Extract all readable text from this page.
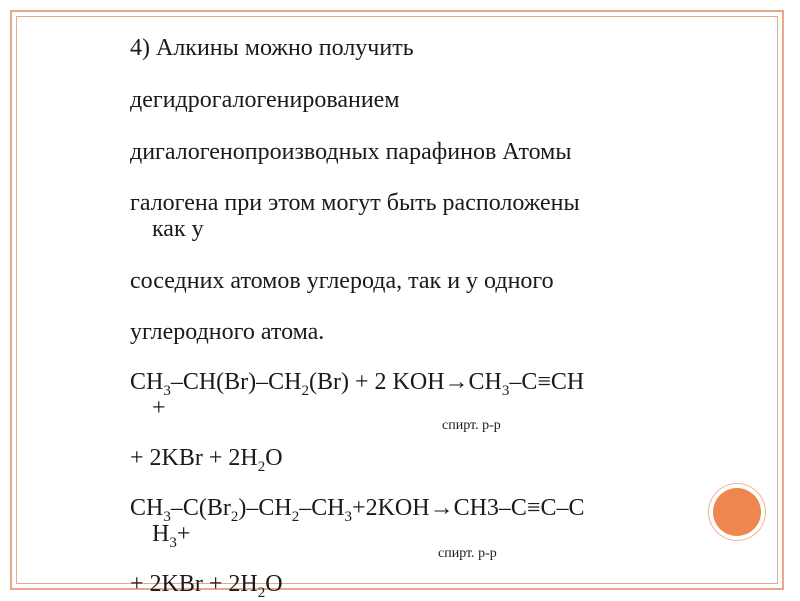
4) Алкины можно получить
дегидрогалогенированием
дигалогенопроизводных парафинов Атомы
галогена при этом могут быть расположены
как у
соседних атомов углерода, так и у одного
углеродного атома.
$CH_3-CH(Br)-CH_2(Br) + 2$ $KOH\to CH_3-C\equiv CH$
+
+ $2KBr + 2H_2O$
спирт. р-р
$CH_3-C(Br_2)-CH_2-CH_3+2KOH\to CH3-C\equiv C-C$
$H_3+$
+ $2KBr + 2H_2O$
спирт. р-р
